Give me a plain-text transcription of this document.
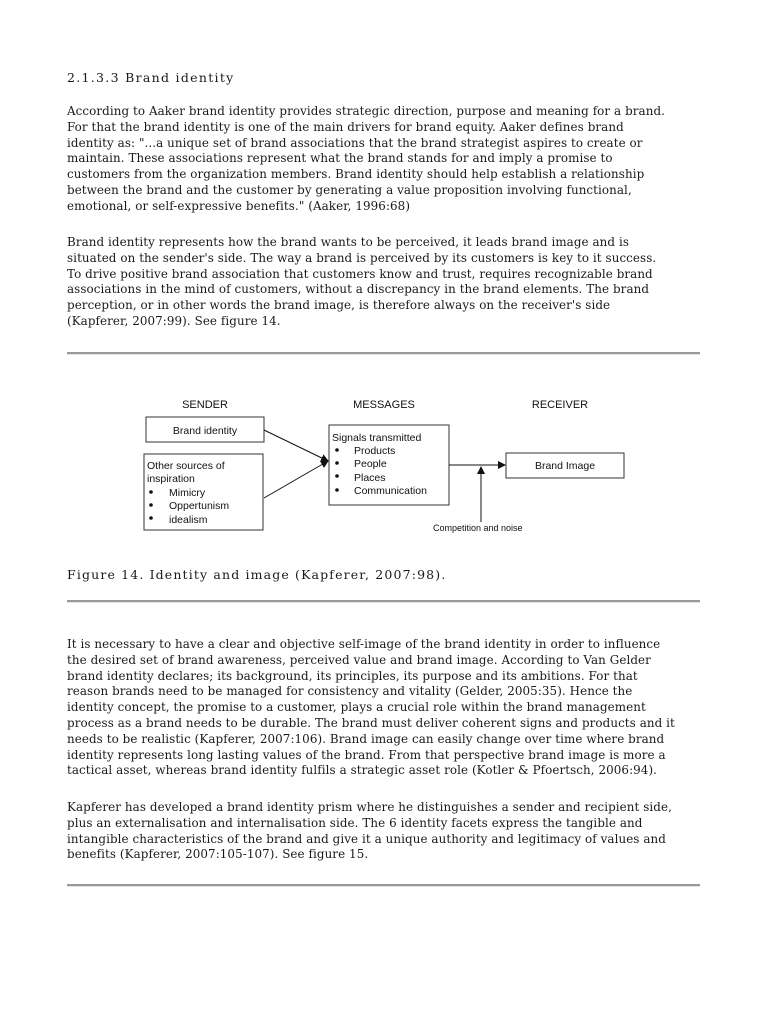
2.1.3.3 Brand identity

According to Aaker brand identity provides strategic direction, purpose and meaning for a brand.
For that the brand identity is one of the main drivers for brand equity. Aaker defines brand
identity as: "...a unique set of brand associations that the brand strategist aspires to create or
maintain. These associations represent what the brand stands for and imply a promise to
customers from the organization members. Brand identity should help establish a relationship
between the brand and the customer by generating a value proposition involving functional,
emotional, or self-expressive benefits." (Aaker, 1996:68)

Brand identity represents how the brand wants to be perceived, it leads brand image and is
situated on the sender's side. The way a brand is perceived by its customers is key to it success.
To drive positive brand association that customers know and trust, requires recognizable brand
associations in the mind of customers, without a discrepancy in the brand elements. The brand
perception, or in other words the brand image, is therefore always on the receiver's side
(Kapferer, 2007:99). See figure 14.

SENDER	MESSAGES	RECEIVER
Brand identity
Other sources of
inspiration
Mimicry
Oppertunism
idealism
Signals transmitted
Products
People
Places
Communication
Brand Image
Competition and noise

Figure 14. Identity and image (Kapferer, 2007:98).

It is necessary to have a clear and objective self-image of the brand identity in order to influence
the desired set of brand awareness, perceived value and brand image. According to Van Gelder
brand identity declares; its background, its principles, its purpose and its ambitions. For that
reason brands need to be managed for consistency and vitality (Gelder, 2005:35). Hence the
identity concept, the promise to a customer, plays a crucial role within the brand management
process as a brand needs to be durable. The brand must deliver coherent signs and products and it
needs to be realistic (Kapferer, 2007:106). Brand image can easily change over time where brand
identity represents long lasting values of the brand. From that perspective brand image is more a
tactical asset, whereas brand identity fulfils a strategic asset role (Kotler & Pfoertsch, 2006:94).

Kapferer has developed a brand identity prism where he distinguishes a sender and recipient side,
plus an externalisation and internalisation side. The 6 identity facets express the tangible and
intangible characteristics of the brand and give it a unique authority and legitimacy of values and
benefits (Kapferer, 2007:105-107). See figure 15.
